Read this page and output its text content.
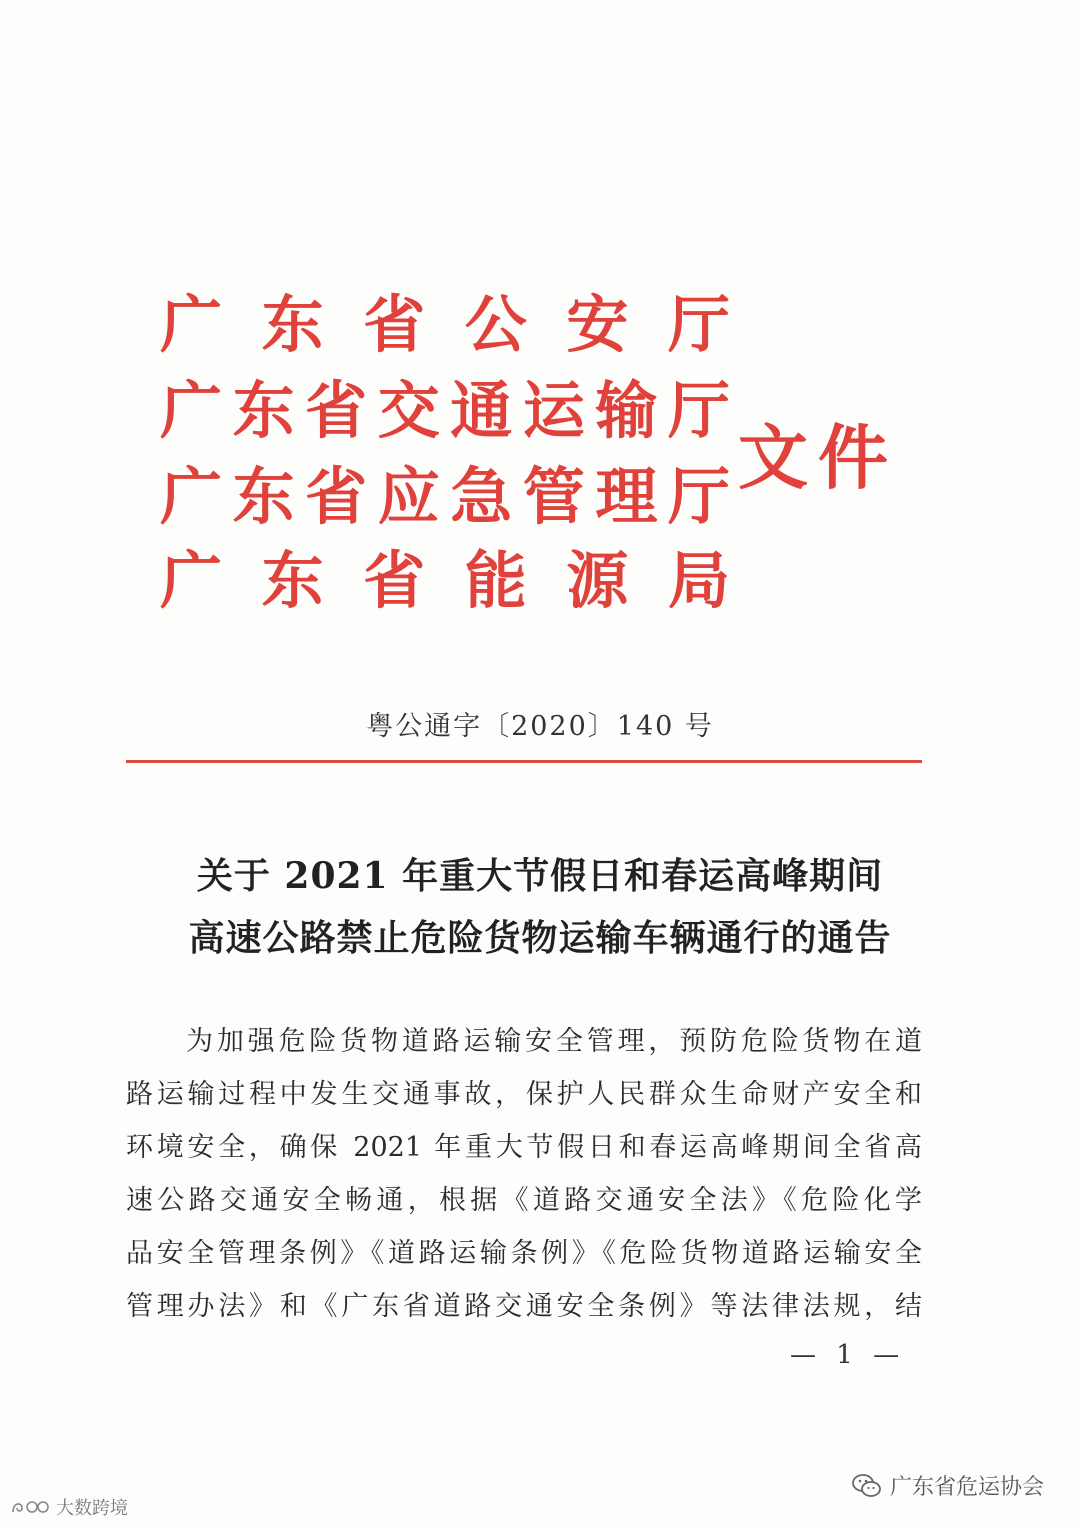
广 东 省 公 安 厅
广 东 省 交 通 运 输 厅
广 东 省 应 急 管 理 厅
广 东 省 能 源 局
文件
粤公通字〔2020〕140 号
关于 2021 年重大节假日和春运高峰期间
高速公路禁止危险货物运输车辆通行的通告
为加强危险货物道路运输安全管理，预防危险货物在道
路运输过程中发生交通事故，保护人民群众生命财产安全和
环境安全，确保 2021 年重大节假日和春运高峰期间全省高
速公路交通安全畅通，根据《道路交通安全法》《危险化学
品安全管理条例》《道路运输条例》《危险货物道路运输安全
管理办法》和《广东省道路交通安全条例》等法律法规，结
— 1 —
广东省危运协会
大数跨境
